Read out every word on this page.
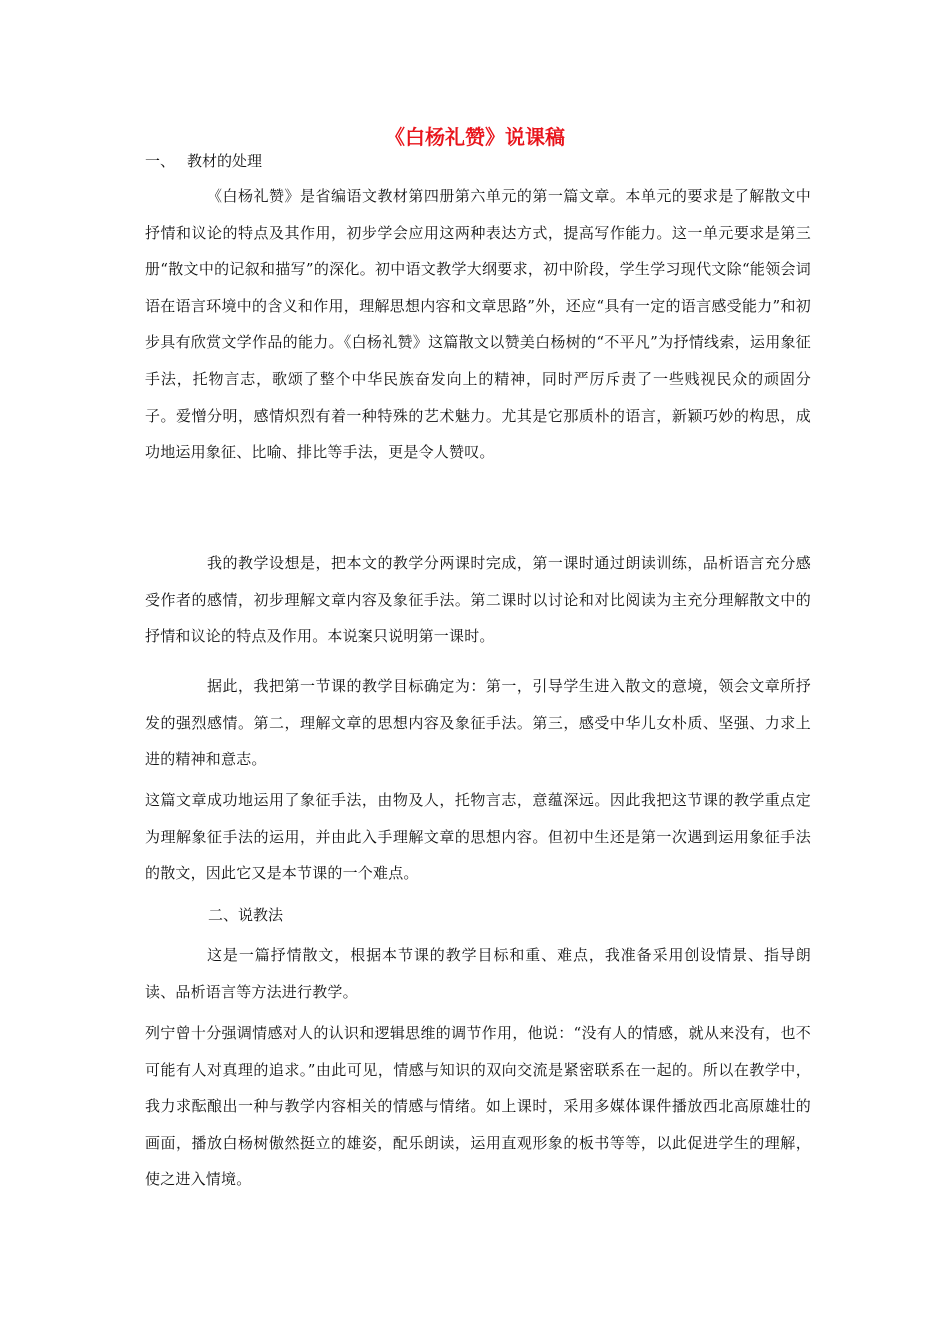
《白杨礼赞》说课稿
一、 教材的处理

《白杨礼赞》是省编语文教材第四册第六单元的第一篇文章。本单元的要求是了解散文中抒情和议论的特点及其作用，初步学会应用这两种表达方式，提高写作能力。这一单元要求是第三册“散文中的记叙和描写”的深化。初中语文教学大纲要求，初中阶段，学生学习现代文除“能领会词语在语言环境中的含义和作用，理解思想内容和文章思路”外，还应“具有一定的语言感受能力”和初步具有欣赏文学作品的能力。《白杨礼赞》这篇散文以赞美白杨树的“不平凡”为抒情线索，运用象征手法，托物言志，歌颂了整个中华民族奋发向上的精神，同时严厉斥责了一些贱视民众的顽固分子。爱憎分明，感情炽烈有着一种特殊的艺术魅力。尤其是它那质朴的语言，新颖巧妙的构思，成功地运用象征、比喻、排比等手法，更是令人赞叹。

我的教学设想是，把本文的教学分两课时完成，第一课时通过朗读训练，品析语言充分感受作者的感情，初步理解文章内容及象征手法。第二课时以讨论和对比阅读为主充分理解散文中的抒情和议论的特点及作用。本说案只说明第一课时。

据此，我把第一节课的教学目标确定为：第一，引导学生进入散文的意境，领会文章所抒发的强烈感情。第二，理解文章的思想内容及象征手法。第三，感受中华儿女朴质、坚强、力求上进的精神和意志。

这篇文章成功地运用了象征手法，由物及人，托物言志，意蕴深远。因此我把这节课的教学重点定为理解象征手法的运用，并由此入手理解文章的思想内容。但初中生还是第一次遇到运用象征手法的散文，因此它又是本节课的一个难点。

二、说教法

这是一篇抒情散文，根据本节课的教学目标和重、难点，我准备采用创设情景、指导朗读、品析语言等方法进行教学。

列宁曾十分强调情感对人的认识和逻辑思维的调节作用，他说：“没有人的情感，就从来没有，也不可能有人对真理的追求。”由此可见，情感与知识的双向交流是紧密联系在一起的。所以在教学中，我力求酝酿出一种与教学内容相关的情感与情绪。如上课时，采用多媒体课件播放西北高原雄壮的画面，播放白杨树傲然挺立的雄姿，配乐朗读，运用直观形象的板书等等，以此促进学生的理解，使之进入情境。
